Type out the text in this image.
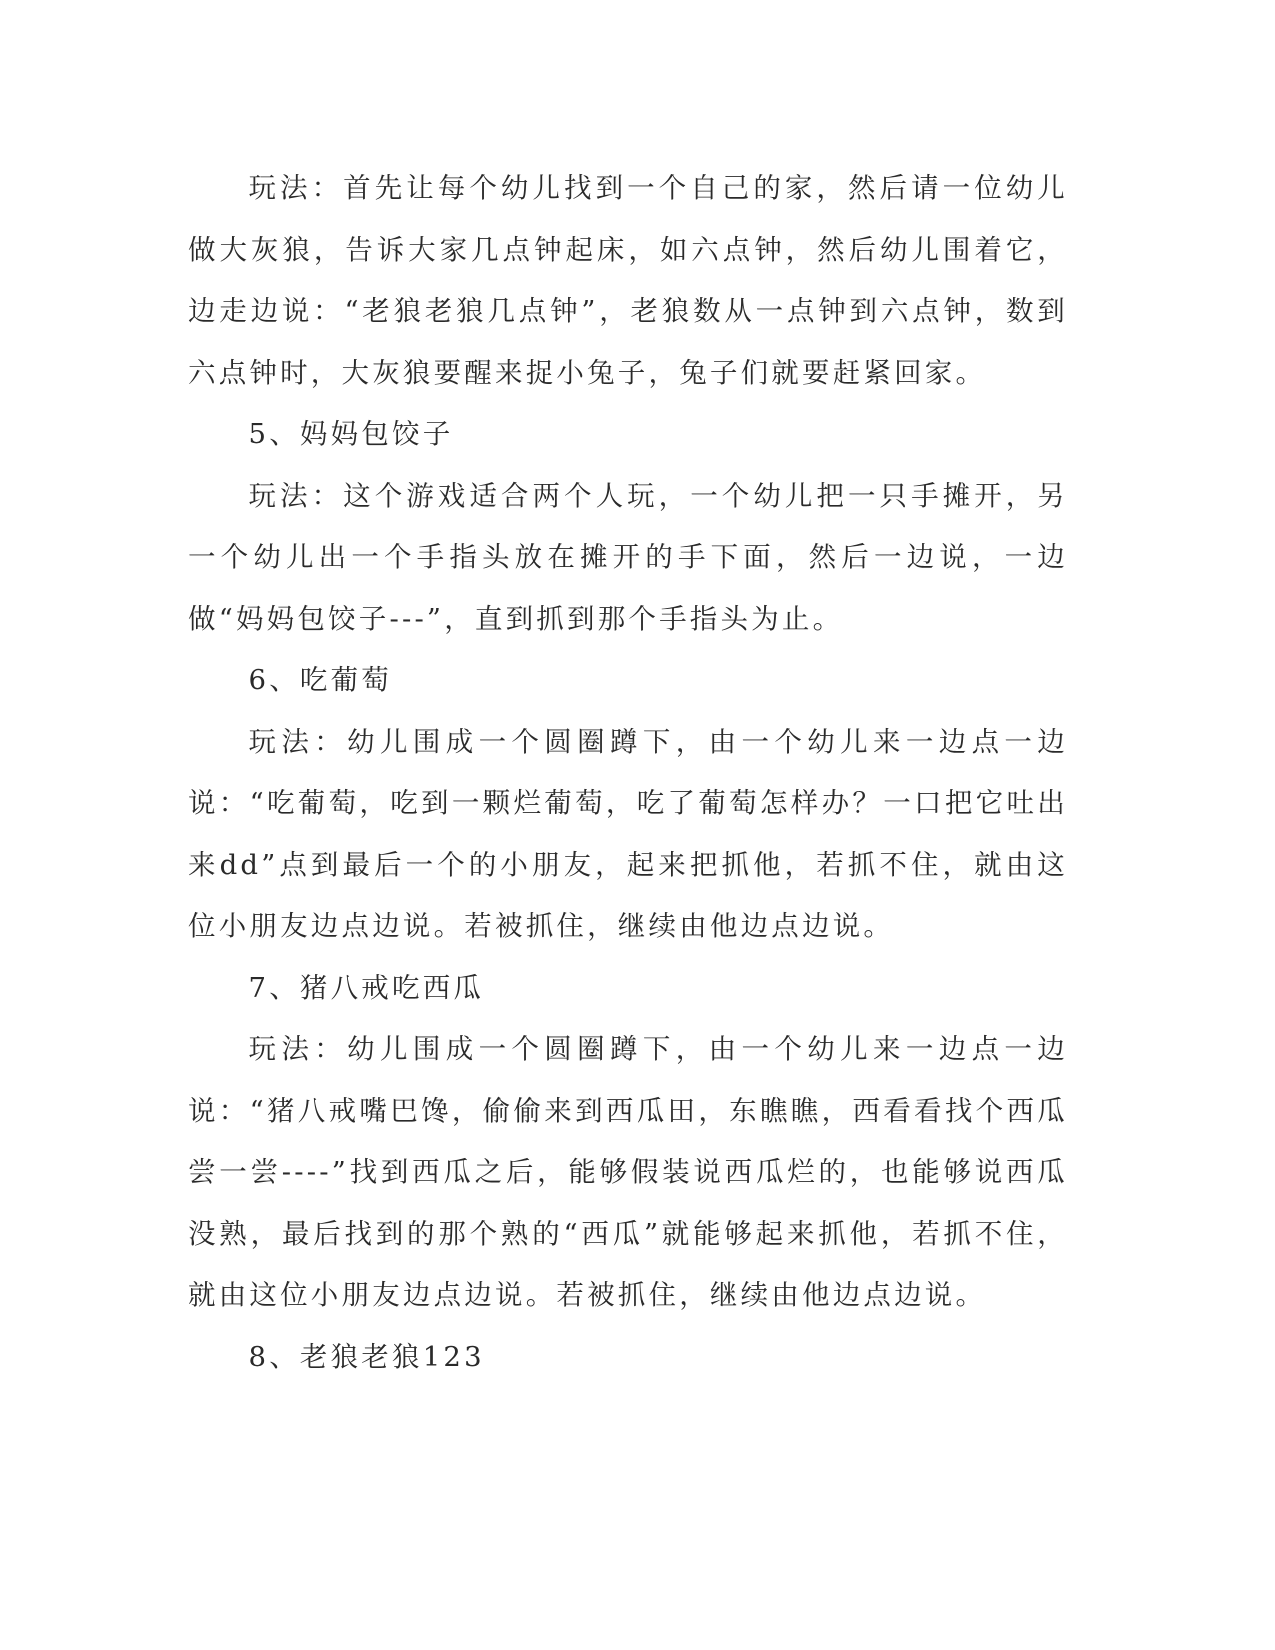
玩法：首先让每个幼儿找到一个自己的家，然后请一位幼儿做大灰狼，告诉大家几点钟起床，如六点钟，然后幼儿围着它，边走边说：“老狼老狼几点钟”，老狼数从一点钟到六点钟，数到六点钟时，大灰狼要醒来捉小兔子，兔子们就要赶紧回家。

5、妈妈包饺子

玩法：这个游戏适合两个人玩，一个幼儿把一只手摊开，另一个幼儿出一个手指头放在摊开的手下面，然后一边说，一边做“妈妈包饺子---”，直到抓到那个手指头为止。

6、吃葡萄

玩法：幼儿围成一个圆圈蹲下，由一个幼儿来一边点一边说：“吃葡萄，吃到一颗烂葡萄，吃了葡萄怎样办？一口把它吐出来dd”点到最后一个的小朋友，起来把抓他，若抓不住，就由这位小朋友边点边说。若被抓住，继续由他边点边说。

7、猪八戒吃西瓜

玩法：幼儿围成一个圆圈蹲下，由一个幼儿来一边点一边说：“猪八戒嘴巴馋，偷偷来到西瓜田，东瞧瞧，西看看找个西瓜尝一尝----”找到西瓜之后，能够假装说西瓜烂的，也能够说西瓜没熟，最后找到的那个熟的“西瓜”就能够起来抓他，若抓不住，就由这位小朋友边点边说。若被抓住，继续由他边点边说。

8、老狼老狼123
